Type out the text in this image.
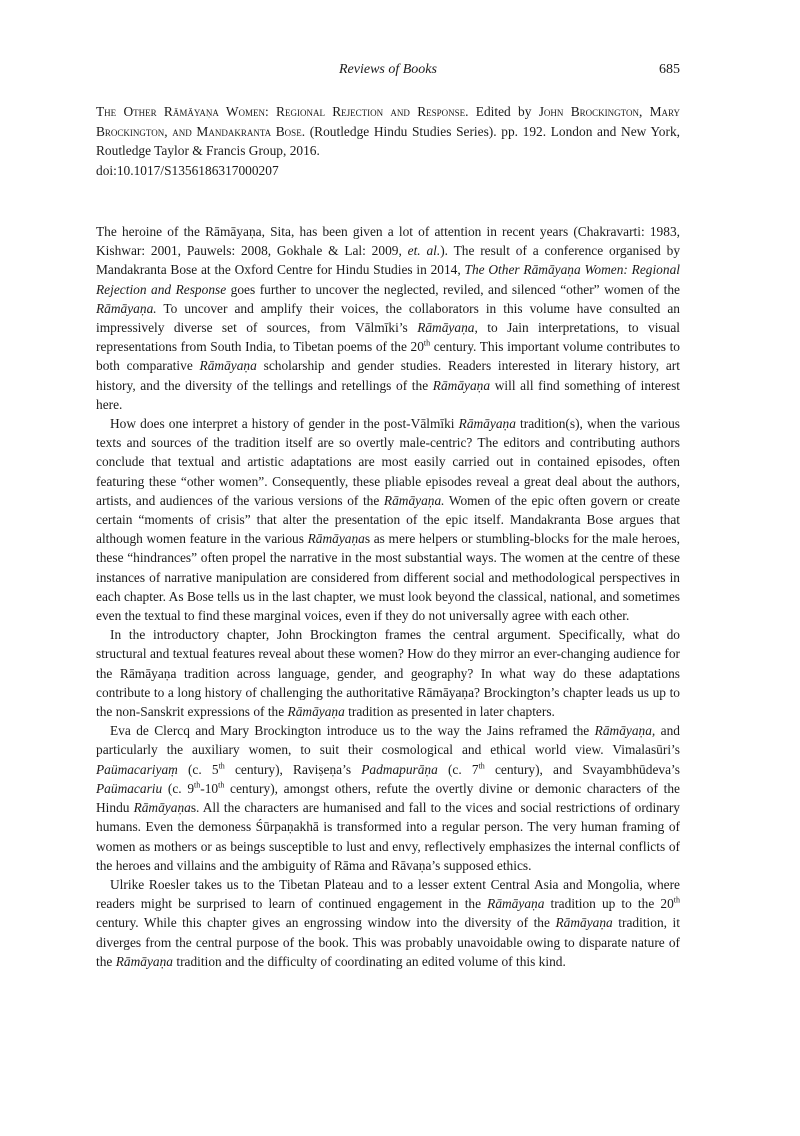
Reviews of Books	685
The Other Rāmāyaṇa Women: Regional Rejection and Response. Edited by John Brockington, Mary Brockington, and Mandakranta Bose. (Routledge Hindu Studies Series). pp. 192. London and New York, Routledge Taylor & Francis Group, 2016.
doi:10.1017/S1356186317000207

The heroine of the Rāmāyaṇa, Sita, has been given a lot of attention in recent years (Chakravarti: 1983, Kishwar: 2001, Pauwels: 2008, Gokhale & Lal: 2009, et. al.). The result of a conference organised by Mandakranta Bose at the Oxford Centre for Hindu Studies in 2014, The Other Rāmāyaṇa Women: Regional Rejection and Response goes further to uncover the neglected, reviled, and silenced “other” women of the Rāmāyaṇa. To uncover and amplify their voices, the collaborators in this volume have consulted an impressively diverse set of sources, from Vālmīki’s Rāmāyaṇa, to Jain interpretations, to visual representations from South India, to Tibetan poems of the 20th century. This important volume contributes to both comparative Rāmāyaṇa scholarship and gender studies. Readers interested in literary history, art history, and the diversity of the tellings and retellings of the Rāmāyaṇa will all find something of interest here.

How does one interpret a history of gender in the post-Vālmīki Rāmāyaṇa tradition(s), when the various texts and sources of the tradition itself are so overtly male-centric? The editors and contributing authors conclude that textual and artistic adaptations are most easily carried out in contained episodes, often featuring these “other women”. Consequently, these pliable episodes reveal a great deal about the authors, artists, and audiences of the various versions of the Rāmāyaṇa. Women of the epic often govern or create certain “moments of crisis” that alter the presentation of the epic itself. Mandakranta Bose argues that although women feature in the various Rāmāyaṇas as mere helpers or stumbling-blocks for the male heroes, these “hindrances” often propel the narrative in the most substantial ways. The women at the centre of these instances of narrative manipulation are considered from different social and methodological perspectives in each chapter. As Bose tells us in the last chapter, we must look beyond the classical, national, and sometimes even the textual to find these marginal voices, even if they do not universally agree with each other.

In the introductory chapter, John Brockington frames the central argument. Specifically, what do structural and textual features reveal about these women? How do they mirror an ever-changing audience for the Rāmāyaṇa tradition across language, gender, and geography? In what way do these adaptations contribute to a long history of challenging the authoritative Rāmāyaṇa? Brockington’s chapter leads us up to the non-Sanskrit expressions of the Rāmāyaṇa tradition as presented in later chapters.

Eva de Clercq and Mary Brockington introduce us to the way the Jains reframed the Rāmāyaṇa, and particularly the auxiliary women, to suit their cosmological and ethical world view. Vimalasūri’s Paümacariyaṃ (c. 5th century), Raviṣeṇa’s Padmapurāṇa (c. 7th century), and Svayambhūdeva’s Paümacariu (c. 9th-10th century), amongst others, refute the overtly divine or demonic characters of the Hindu Rāmāyaṇas. All the characters are humanised and fall to the vices and social restrictions of ordinary humans. Even the demoness Śūrpaṇakhā is transformed into a regular person. The very human framing of women as mothers or as beings susceptible to lust and envy, reflectively emphasizes the internal conflicts of the heroes and villains and the ambiguity of Rāma and Rāvaṇa’s supposed ethics.

Ulrike Roesler takes us to the Tibetan Plateau and to a lesser extent Central Asia and Mongolia, where readers might be surprised to learn of continued engagement in the Rāmāyaṇa tradition up to the 20th century. While this chapter gives an engrossing window into the diversity of the Rāmāyaṇa tradition, it diverges from the central purpose of the book. This was probably unavoidable owing to disparate nature of the Rāmāyaṇa tradition and the difficulty of coordinating an edited volume of this kind.
